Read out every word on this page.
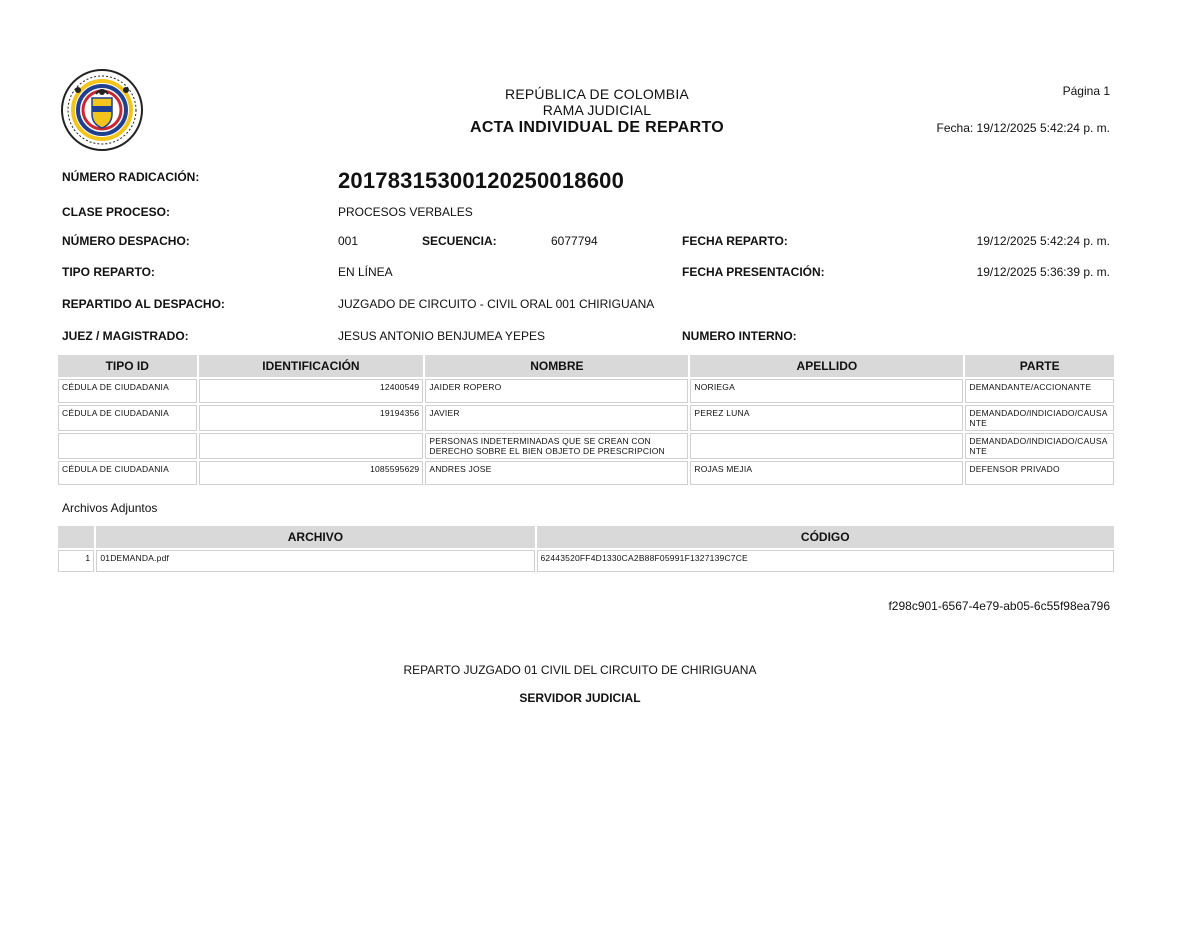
REPÚBLICA DE COLOMBIA
RAMA JUDICIAL
ACTA INDIVIDUAL DE REPARTO
Página 1
Fecha: 19/12/2025 5:42:24 p. m.
NÚMERO RADICACIÓN:	20178315300120250018600
CLASE PROCESO:	PROCESOS VERBALES
NÚMERO DESPACHO:	001	SECUENCIA:	6077794	FECHA REPARTO:	19/12/2025 5:42:24 p. m.
TIPO REPARTO:	EN LÍNEA	FECHA PRESENTACIÓN:	19/12/2025 5:36:39 p. m.
REPARTIDO AL DESPACHO:	JUZGADO DE CIRCUITO - CIVIL ORAL 001 CHIRIGUANA
JUEZ / MAGISTRADO:	JESUS ANTONIO BENJUMEA YEPES	NUMERO INTERNO:
TIPO ID	IDENTIFICACIÓN	NOMBRE	APELLIDO	PARTE
CÉDULA DE CIUDADANIA	12400549	JAIDER ROPERO	NORIEGA	DEMANDANTE/ACCIONANTE
CÉDULA DE CIUDADANIA	19194356	JAVIER	PEREZ LUNA	DEMANDADO/INDICIADO/CAUSANTE
		PERSONAS INDETERMINADAS QUE SE CREAN CON DERECHO SOBRE EL BIEN OBJETO DE PRESCRIPCION		DEMANDADO/INDICIADO/CAUSANTE
CÉDULA DE CIUDADANIA	1085595629	ANDRES JOSE	ROJAS MEJIA	DEFENSOR PRIVADO
Archivos Adjuntos
	ARCHIVO	CÓDIGO
1	01DEMANDA.pdf	62443520FF4D1330CA2B88F05991F1327139C7CE
f298c901-6567-4e79-ab05-6c55f98ea796
REPARTO JUZGADO 01 CIVIL DEL CIRCUITO DE CHIRIGUANA
SERVIDOR JUDICIAL
